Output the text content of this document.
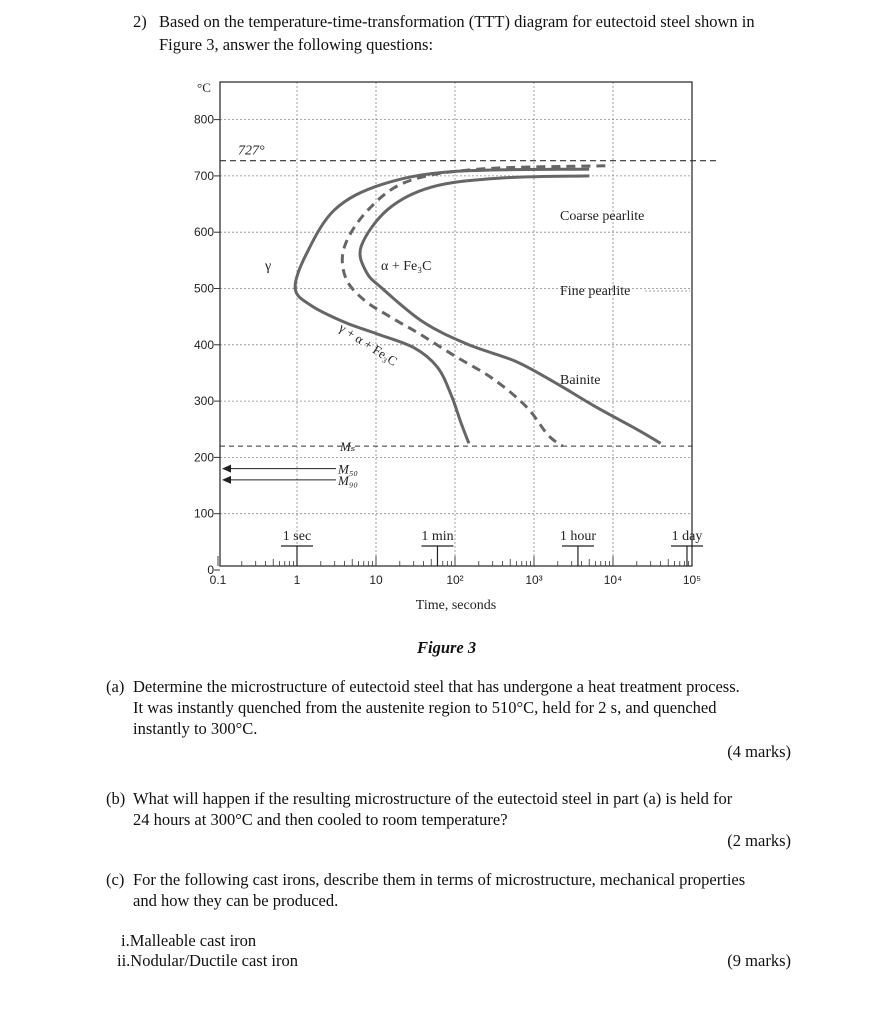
2) Based on the temperature-time-transformation (TTT) diagram for eutectoid steel shown in
Figure 3, answer the following questions:
0
100
200
300
400
500
600
700
800
0.1	1	10	10²	10³	10⁴	10⁵
727°
Mₛ
M₅₀
M₉₀
1 sec	1 min	1 hour	1 day
γ	α + Fe₃C
γ + α + Fe₃C
Coarse pearlite
Fine pearlite
Bainite
°C
Time, seconds
Figure 3
(a) Determine the microstructure of eutectoid steel that has undergone a heat treatment process.
It was instantly quenched from the austenite region to 510°C, held for 2 s, and quenched
instantly to 300°C.
(4 marks)
(b) What will happen if the resulting microstructure of the eutectoid steel in part (a) is held for
24 hours at 300°C and then cooled to room temperature?
(2 marks)
(c) For the following cast irons, describe them in terms of microstructure, mechanical properties
and how they can be produced.
i.Malleable cast iron
ii.Nodular/Ductile cast iron	(9 marks)
